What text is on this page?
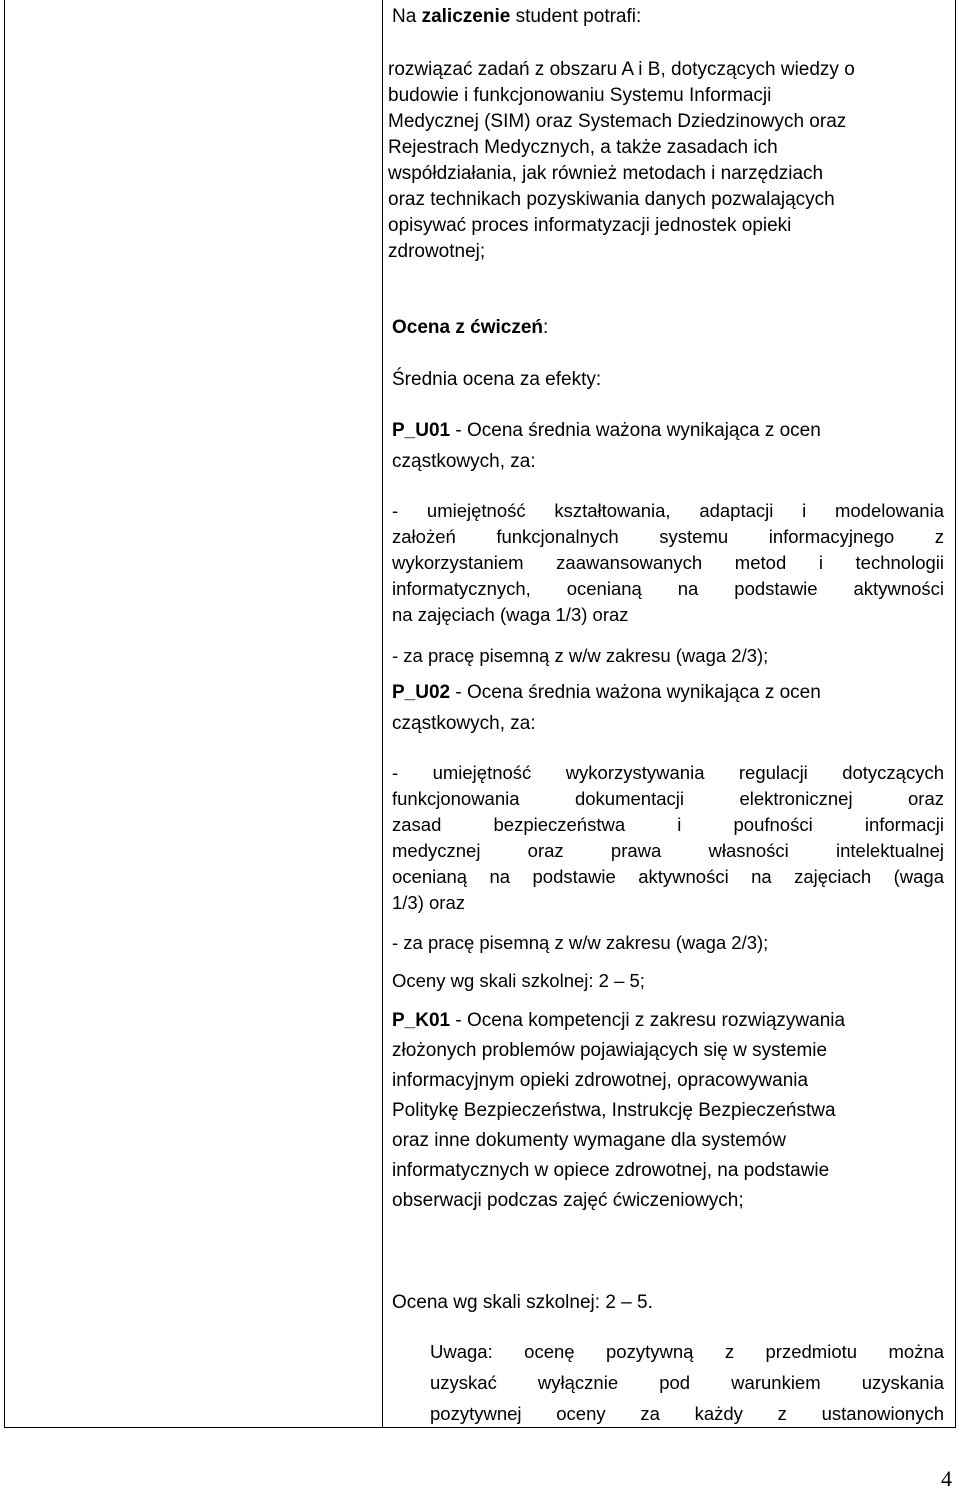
Na zaliczenie student potrafi:
rozwiązać zadań z obszaru A i B, dotyczących wiedzy o
budowie i funkcjonowaniu Systemu Informacji
Medycznej (SIM) oraz Systemach Dziedzinowych oraz
Rejestrach Medycznych, a także zasadach ich
współdziałania, jak również metodach i narzędziach
oraz technikach pozyskiwania danych pozwalających
opisywać proces informatyzacji jednostek opieki
zdrowotnej;
Ocena z ćwiczeń:
Średnia ocena za efekty:
P_U01 - Ocena średnia ważona wynikająca z ocen
cząstkowych, za:
- umiejętność kształtowania, adaptacji i modelowania
założeń funkcjonalnych systemu informacyjnego z
wykorzystaniem zaawansowanych metod i technologii
informatycznych, ocenianą na podstawie aktywności
na zajęciach (waga 1/3) oraz
- za pracę pisemną z w/w zakresu (waga 2/3);
P_U02 - Ocena średnia ważona wynikająca z ocen
cząstkowych, za:
- umiejętność wykorzystywania regulacji dotyczących
funkcjonowania dokumentacji elektronicznej oraz
zasad bezpieczeństwa i poufności informacji
medycznej oraz prawa własności intelektualnej
ocenianą na podstawie aktywności na zajęciach (waga
1/3) oraz
- za pracę pisemną z w/w zakresu (waga 2/3);
Oceny wg skali szkolnej: 2 – 5;
P_K01 - Ocena kompetencji z zakresu rozwiązywania
złożonych problemów pojawiających się w systemie
informacyjnym opieki zdrowotnej, opracowywania
Politykę Bezpieczeństwa, Instrukcję Bezpieczeństwa
oraz inne dokumenty wymagane dla systemów
informatycznych w opiece zdrowotnej, na podstawie
obserwacji podczas zajęć ćwiczeniowych;
Ocena wg skali szkolnej: 2 – 5.
Uwaga: ocenę pozytywną z przedmiotu można
uzyskać wyłącznie pod warunkiem uzyskania
pozytywnej oceny za każdy z ustanowionych
4
